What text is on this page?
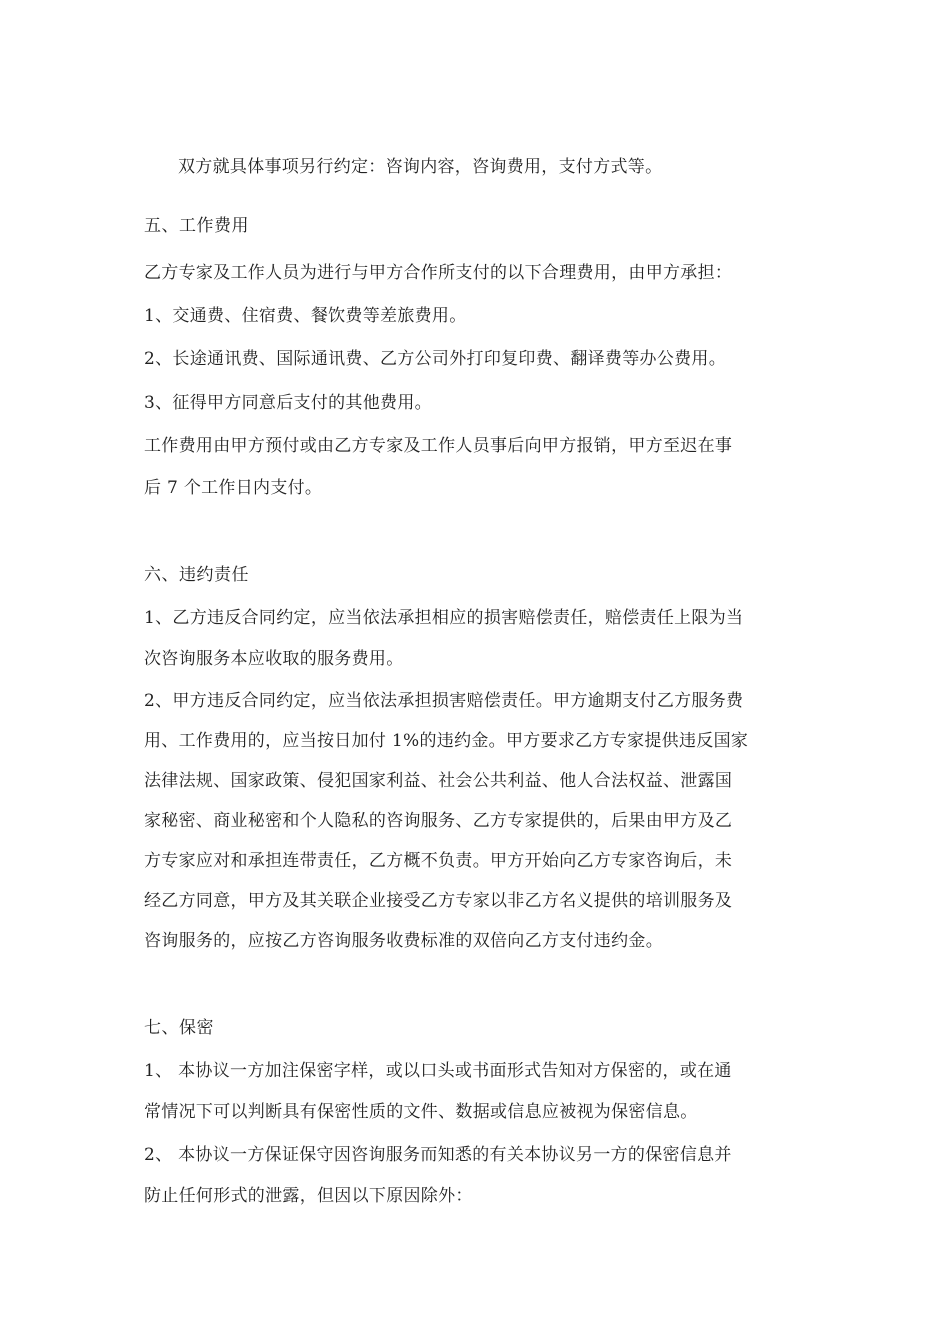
双方就具体事项另行约定：咨询内容，咨询费用，支付方式等。
五、工作费用
乙方专家及工作人员为进行与甲方合作所支付的以下合理费用，由甲方承担：
1、交通费、住宿费、餐饮费等差旅费用。
2、长途通讯费、国际通讯费、乙方公司外打印复印费、翻译费等办公费用。
3、征得甲方同意后支付的其他费用。
工作费用由甲方预付或由乙方专家及工作人员事后向甲方报销，甲方至迟在事
后 7 个工作日内支付。
六、违约责任
1、乙方违反合同约定，应当依法承担相应的损害赔偿责任，赔偿责任上限为当
次咨询服务本应收取的服务费用。
2、甲方违反合同约定，应当依法承担损害赔偿责任。甲方逾期支付乙方服务费
用、工作费用的，应当按日加付 1%的违约金。甲方要求乙方专家提供违反国家
法律法规、国家政策、侵犯国家利益、社会公共利益、他人合法权益、泄露国
家秘密、商业秘密和个人隐私的咨询服务、乙方专家提供的，后果由甲方及乙
方专家应对和承担连带责任，乙方概不负责。甲方开始向乙方专家咨询后，未
经乙方同意，甲方及其关联企业接受乙方专家以非乙方名义提供的培训服务及
咨询服务的，应按乙方咨询服务收费标准的双倍向乙方支付违约金。
七、保密
1、 本协议一方加注保密字样，或以口头或书面形式告知对方保密的，或在通
常情况下可以判断具有保密性质的文件、数据或信息应被视为保密信息。
2、 本协议一方保证保守因咨询服务而知悉的有关本协议另一方的保密信息并
防止任何形式的泄露，但因以下原因除外：
